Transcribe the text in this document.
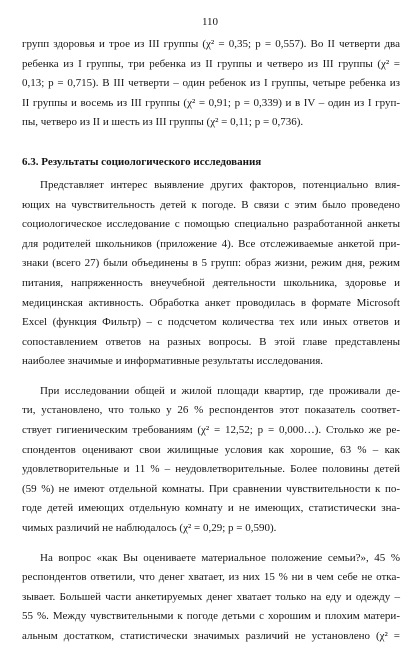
110
групп здоровья и трое из III группы (χ² = 0,35; p = 0,557). Во II четверти два
ребенка из I группы, три ребенка из II группы и четверо из III группы (χ² =
0,13; p = 0,715). В III четверти – один ребенок из I группы, четыре ребенка из
II группы и восемь из III группы (χ² = 0,91; p = 0,339) и в IV – один из I груп-
пы, четверо из II и шесть из III группы (χ² = 0,11; p = 0,736).
6.3. Результаты социологического исследования
Представляет интерес выявление других факторов, потенциально влия-
ющих на чувствительность детей к погоде. В связи с этим было проведено
социологическое исследование с помощью специально разработанной анкеты
для родителей школьников (приложение 4). Все отслеживаемые анкетой при-
знаки (всего 27) были объединены в 5 групп: образ жизни, режим дня, режим
питания, напряженность внеучебной деятельности школьника, здоровье и
медицинская активность. Обработка анкет проводилась в формате Microsoft
Excel (функция Фильтр) – с подсчетом количества тех или иных ответов и
сопоставлением ответов на разных вопросы. В этой главе представлены
наиболее значимые и информативные результаты исследования.
При исследовании общей и жилой площади квартир, где проживали де-
ти, установлено, что только у 26 % респондентов этот показатель соответ-
ствует гигиеническим требованиям (χ² = 12,52; p = 0,000…). Столько же ре-
спондентов оценивают свои жилищные условия как хорошие, 63 % – как
удовлетворительные и 11 % – неудовлетворительные. Более половины детей
(59 %) не имеют отдельной комнаты. При сравнении чувствительности к по-
годе детей имеющих отдельную комнату и не имеющих, статистически зна-
чимых различий не наблюдалось (χ² = 0,29; p = 0,590).
На вопрос «как Вы оцениваете материальное положение семьи?», 45 %
респондентов ответили, что денег хватает, из них 15 % ни в чем себе не отка-
зывает. Большей части анкетируемых денег хватает только на еду и одежду –
55 %. Между чувствительными к погоде детьми с хорошим и плохим матери-
альным достатком, статистически значимых различий не установлено (χ² =
